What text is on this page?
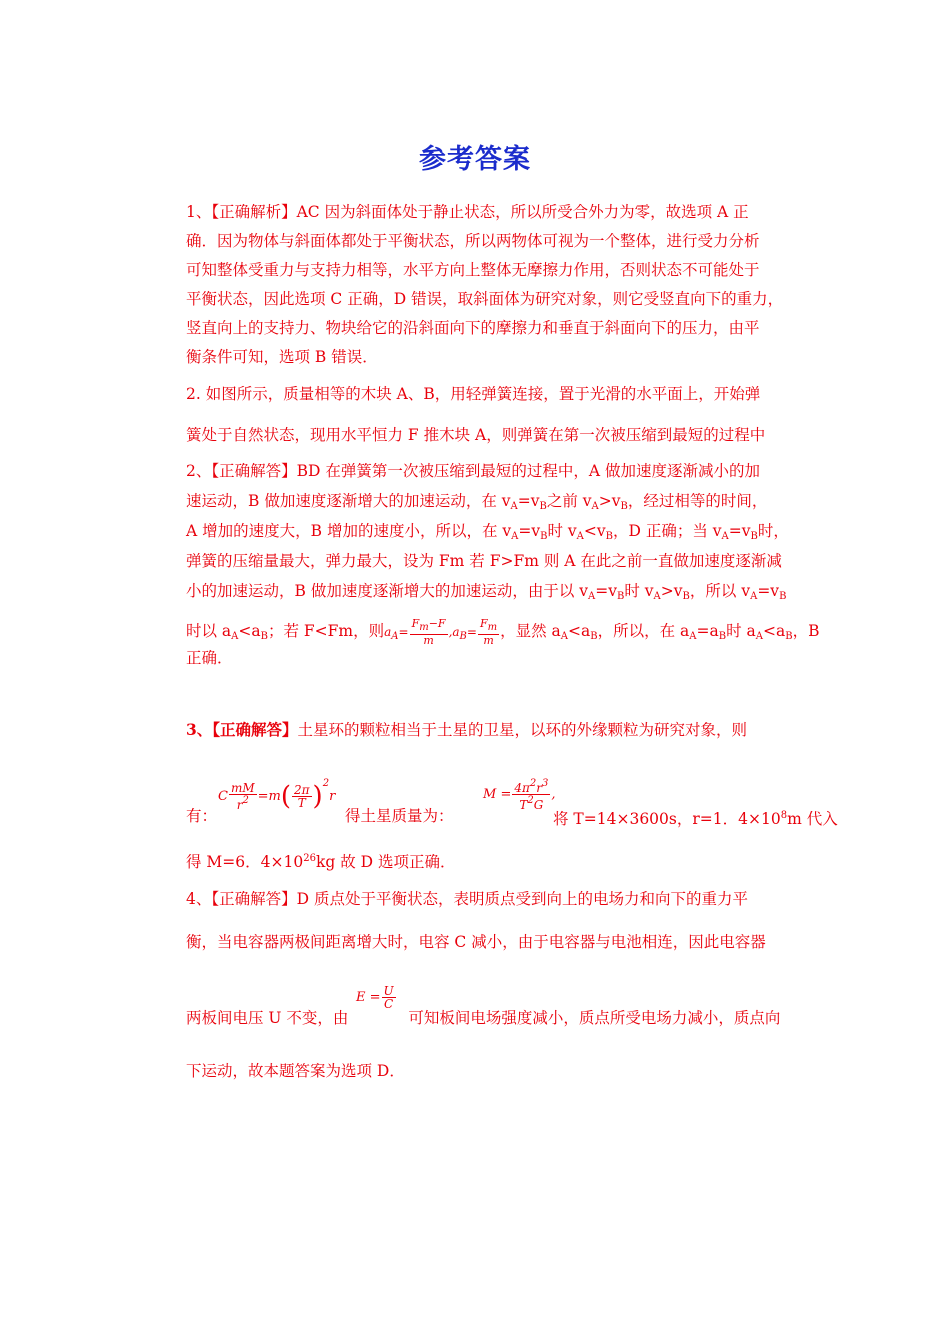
参考答案
1、【正确解析】AC 因为斜面体处于静止状态，所以所受合外力为零，故选项 A 正
确．因为物体与斜面体都处于平衡状态，所以两物体可视为一个整体，进行受力分析
可知整体受重力与支持力相等，水平方向上整体无摩擦力作用，否则状态不可能处于
平衡状态，因此选项 C 正确，D 错误，取斜面体为研究对象，则它受竖直向下的重力，
竖直向上的支持力、物块给它的沿斜面向下的摩擦力和垂直于斜面向下的压力，由平
衡条件可知，选项 B 错误．
2. 如图所示，质量相等的木块 A、B，用轻弹簧连接，置于光滑的水平面上，开始弹
簧处于自然状态，现用水平恒力 F 推木块 A，则弹簧在第一次被压缩到最短的过程中
2、【正确解答】BD 在弹簧第一次被压缩到最短的过程中，A 做加速度逐渐减小的加
速运动，B 做加速度逐渐增大的加速运动，在 $v_A=v_B$之前 $v_A>v_B$，经过相等的时间，
A 增加的速度大，B 增加的速度小，所以，在 $v_A=v_B$时 $v_A<v_B$，D 正确；当 $v_A=v_B$时，
弹簧的压缩量最大，弹力最大，设为 Fm 若 F>Fm 则 A 在此之前一直做加速度逐渐减
小的加速运动，B 做加速度逐渐增大的加速运动，由于以 $v_A=v_B$时 $v_A>v_B$，所以 $v_A=v_B$
时以 $a_A<a_B$；若 F<Fm，则$a_A= \frac{F_m-F}{m} ,a_B= \frac{F_m}{m}$ ，显然 $a_A<a_B$，所以，在 $a_A=a_B$时 $a_A<a_B$，B
正确．
3、【正确解答】土星环的颗粒相当于土星的卫星，以环的外缘颗粒为研究对象，则
有：
C $\frac{mM}{r^2} =m( \frac{2\pi}{T} )^2r$
得土星质量为：
$M = \frac{4\pi^2r^3}{T^2G}$ ,
将 T=14×3600s，r=1．$4\times 10^8m$ 代入
得 M=6．$4\times 10^{26}kg$ 故 D 选项正确．
4、【正确解答】D 质点处于平衡状态，表明质点受到向上的电场力和向下的重力平
衡，当电容器两极间距离增大时，电容 C 减小，由于电容器与电池相连，因此电容器
两板间电压 U 不变，由	可知板间电场强度减小，质点所受电场力减小，质点向
$E = \frac{U}{C}$
下运动，故本题答案为选项 D．
